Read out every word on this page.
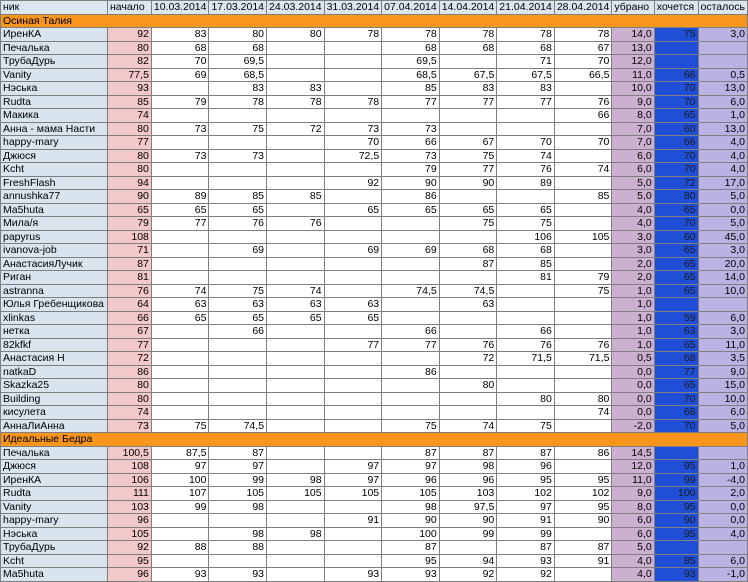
ник	начало	10.03.2014	17.03.2014	24.03.2014	31.03.2014	07.04.2014	14.04.2014	21.04.2014	28.04.2014	убрано	хочется	осталось
Осиная Талия												
ИренКА	92	83	80	80	78	78	78	78	78	14,0	75	3,0
Печалька	80	68	68			68	68	68	67	13,0		
ТрубаДурь	82	70	69,5			69,5		71	70	12,0		
Vanity	77,5	69	68,5			68,5	67,5	67,5	66,5	11,0	66	0,5
Нэська	93		83	83		85	83	83		10,0	70	13,0
Rudta	85	79	78	78	78	77	77	77	76	9,0	70	6,0
Макика	74								66	8,0	65	1,0
Анна - мама Насти	80	73	75	72	73	73				7,0	60	13,0
happy-mary	77				70	66	67	70	70	7,0	66	4,0
Джюся	80	73	73		72,5	73	75	74		6,0	70	4,0
Kcht	80					79	77	76	74	6,0	70	4,0
FreshFlash	94				92	90	90	89		5,0	72	17,0
annushka77	90	89	85	85		86			85	5,0	80	5,0
Ma5huta	65	65	65		65	65	65	65		4,0	65	0,0
Мила/я	79	77	76	76			75	75		4,0	70	5,0
papyrus	108							106	105	3,0	60	45,0
ivanova-job	71		69		69	69	68	68		3,0	65	3,0
АнастасияЛучик	87						87	85		2,0	65	20,0
Риган	81							81	79	2,0	65	14,0
astranna	76	74	75	74		74,5	74,5		75	1,0	65	10,0
Юлья Гребенщикова	64	63	63	63	63		63			1,0		
xlinkas	66	65	65	65	65					1,0	59	6,0
нетка	67		66			66		66		1,0	63	3,0
82kfkf	77				77	77	76	76	76	1,0	65	11,0
Анастасия Н	72						72	71,5	71,5	0,5	68	3,5
natkaD	86					86				0,0	77	9,0
Skazka25	80						80			0,0	65	15,0
Building	80							80	80	0,0	70	10,0
кисулета	74								74	0,0	68	6,0
АннаЛиАнна	73	75	74,5			75	74	75		-2,0	70	5,0
Идеальные Бедра												
Печалька	100,5	87,5	87			87	87	87	86	14,5		
Джюся	108	97	97		97	97	98	96		12,0	95	1,0
ИренКА	106	100	99	98	97	96	96	95	95	11,0	99	-4,0
Rudta	111	107	105	105	105	105	103	102	102	9,0	100	2,0
Vanity	103	99	98			98	97,5	97	95	8,0	95	0,0
happy-mary	96				91	90	90	91	90	6,0	90	0,0
Нэська	105		98	98		100	99	99		6,0	95	4,0
ТрубаДурь	92	88	88			87		87	87	5,0		
Kcht	95					95	94	93	91	4,0	85	6,0
Ma5huta	96	93	93		93	93	92	92		4,0	93	-1,0
